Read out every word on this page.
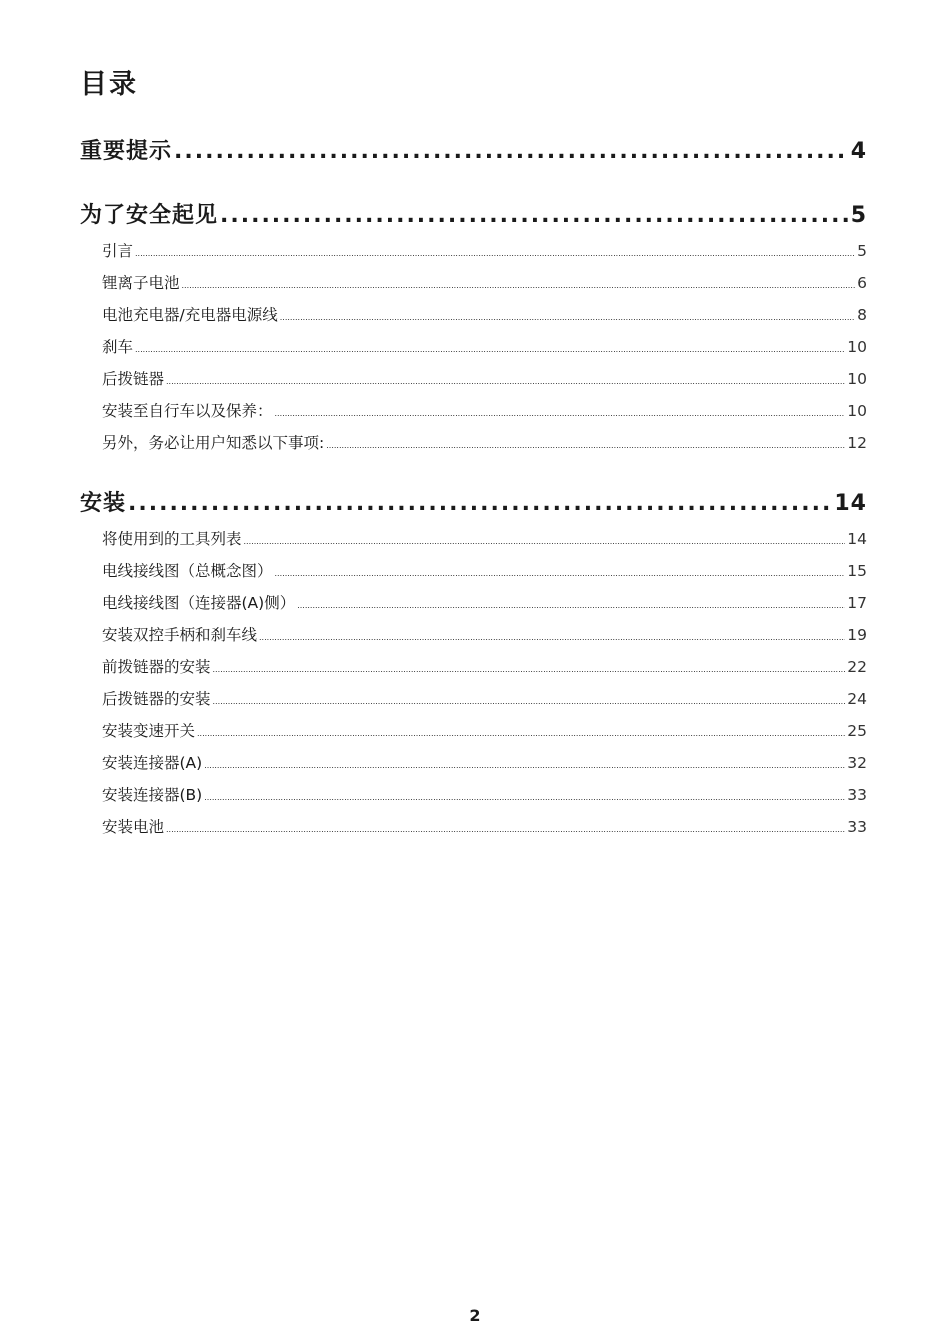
目录
重要提示 .....	4
为了安全起见 .....	5
引言 .....	5
锂离子电池 .....	6
电池充电器/充电器电源线 .....	8
刹车 .....	10
后拨链器 .....	10
安装至自行车以及保养： .....	10
另外，务必让用户知悉以下事项: .....	12
安装 .....	14
将使用到的工具列表 .....	14
电线接线图（总概念图） .....	15
电线接线图（连接器(A)侧） .....	17
安装双控手柄和刹车线 .....	19
前拨链器的安装 .....	22
后拨链器的安装 .....	24
安装变速开关 .....	25
安装连接器(A) .....	32
安装连接器(B) .....	33
安装电池 .....	33
2
